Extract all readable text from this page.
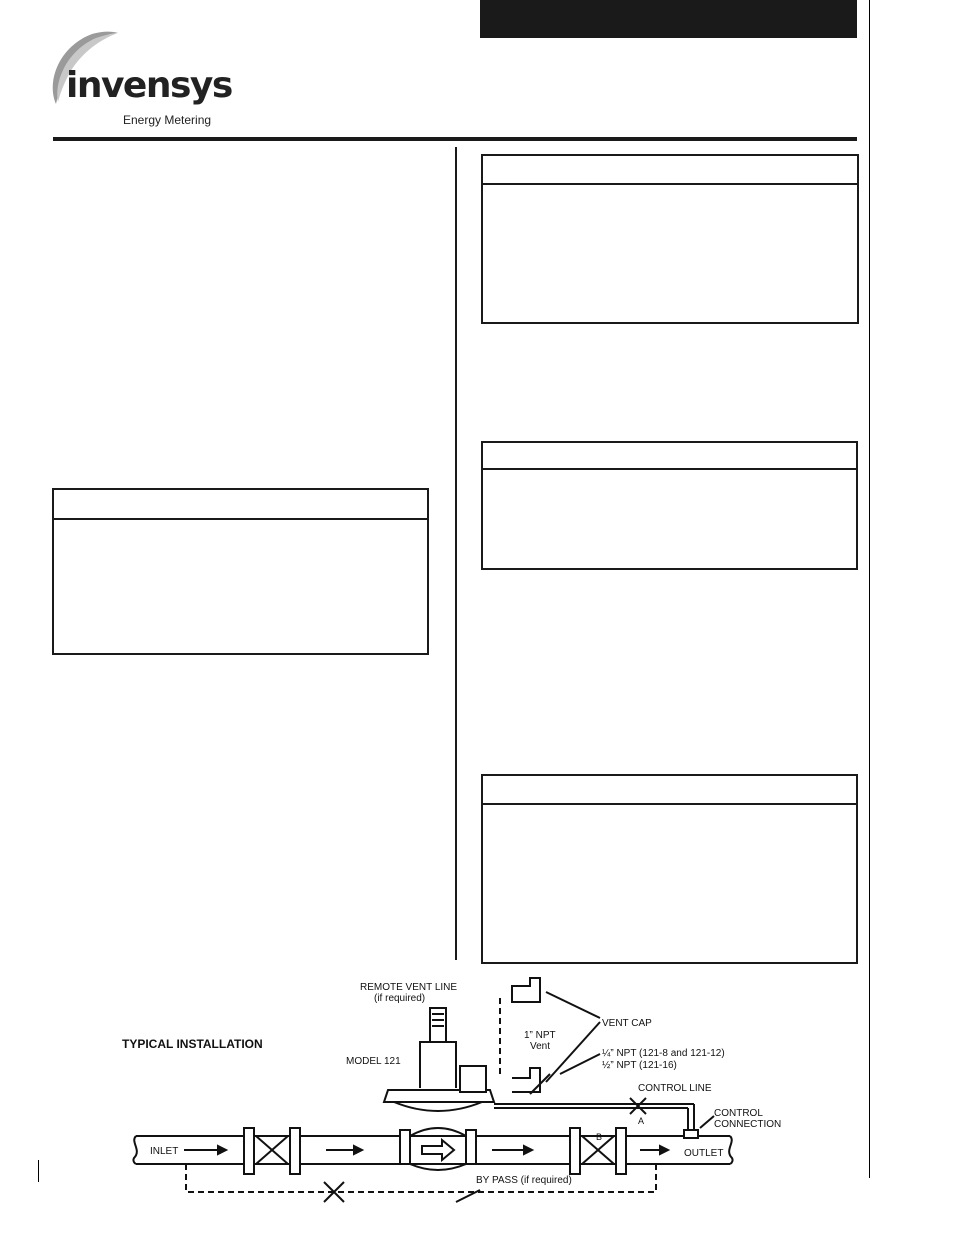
invensys
Energy Metering
TYPICAL INSTALLATION
REMOTE VENT LINE
(if required)
VENT CAP
1” NPT
Vent
MODEL 121
¼” NPT (121-8 and 121-12)
½” NPT (121-16)
CONTROL LINE
CONTROL
CONNECTION
INLET	OUTLET
A
B
BY PASS (if required)
